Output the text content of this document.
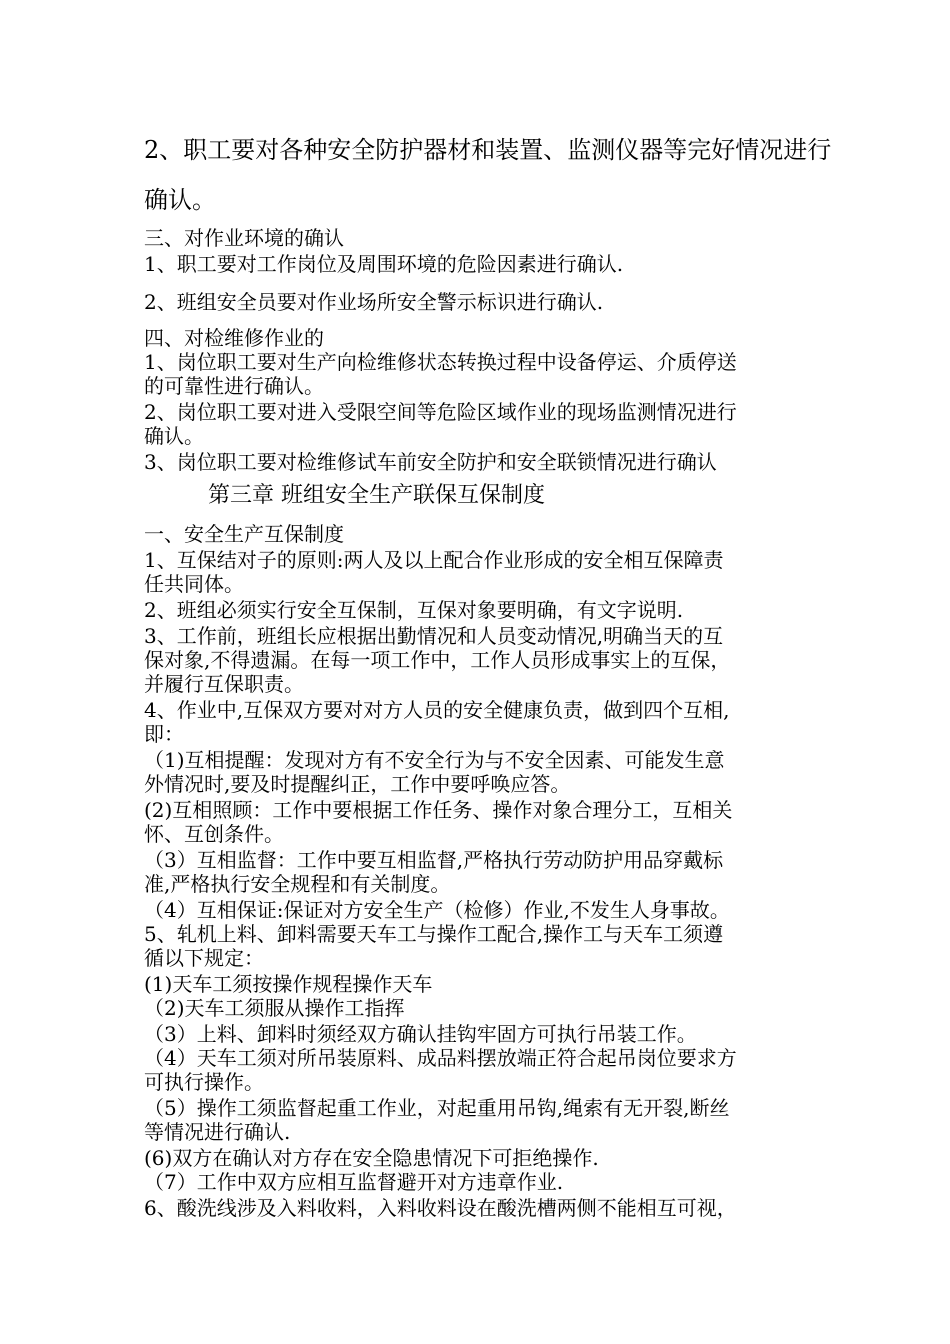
2、职工要对各种安全防护器材和装置、监测仪器等完好情况进行
确认。
三、对作业环境的确认
1、职工要对工作岗位及周围环境的危险因素进行确认.
2、班组安全员要对作业场所安全警示标识进行确认.
四、对检维修作业的
1、岗位职工要对生产向检维修状态转换过程中设备停运、介质停送
的可靠性进行确认。
2、岗位职工要对进入受限空间等危险区域作业的现场监测情况进行
确认。
3、岗位职工要对检维修试车前安全防护和安全联锁情况进行确认
第三章 班组安全生产联保互保制度
一、安全生产互保制度
1、互保结对子的原则:两人及以上配合作业形成的安全相互保障责
任共同体。
2、班组必须实行安全互保制，互保对象要明确，有文字说明.
3、工作前，班组长应根据出勤情况和人员变动情况,明确当天的互
保对象,不得遗漏。在每一项工作中，工作人员形成事实上的互保，
并履行互保职责。
4、作业中,互保双方要对对方人员的安全健康负责，做到四个互相,
即：
（1)互相提醒：发现对方有不安全行为与不安全因素、可能发生意
外情况时,要及时提醒纠正，工作中要呼唤应答。
(2)互相照顾：工作中要根据工作任务、操作对象合理分工，互相关
怀、互创条件。
（3）互相监督：工作中要互相监督,严格执行劳动防护用品穿戴标
准,严格执行安全规程和有关制度。
（4）互相保证:保证对方安全生产（检修）作业,不发生人身事故。
5、轧机上料、卸料需要天车工与操作工配合,操作工与天车工须遵
循以下规定：
(1)天车工须按操作规程操作天车
（2)天车工须服从操作工指挥
（3）上料、卸料时须经双方确认挂钩牢固方可执行吊装工作。
（4）天车工须对所吊装原料、成品料摆放端正符合起吊岗位要求方
可执行操作。
（5）操作工须监督起重工作业，对起重用吊钩,绳索有无开裂,断丝
等情况进行确认.
(6)双方在确认对方存在安全隐患情况下可拒绝操作.
（7）工作中双方应相互监督避开对方违章作业.
6、酸洗线涉及入料收料，入料收料设在酸洗槽两侧不能相互可视，
